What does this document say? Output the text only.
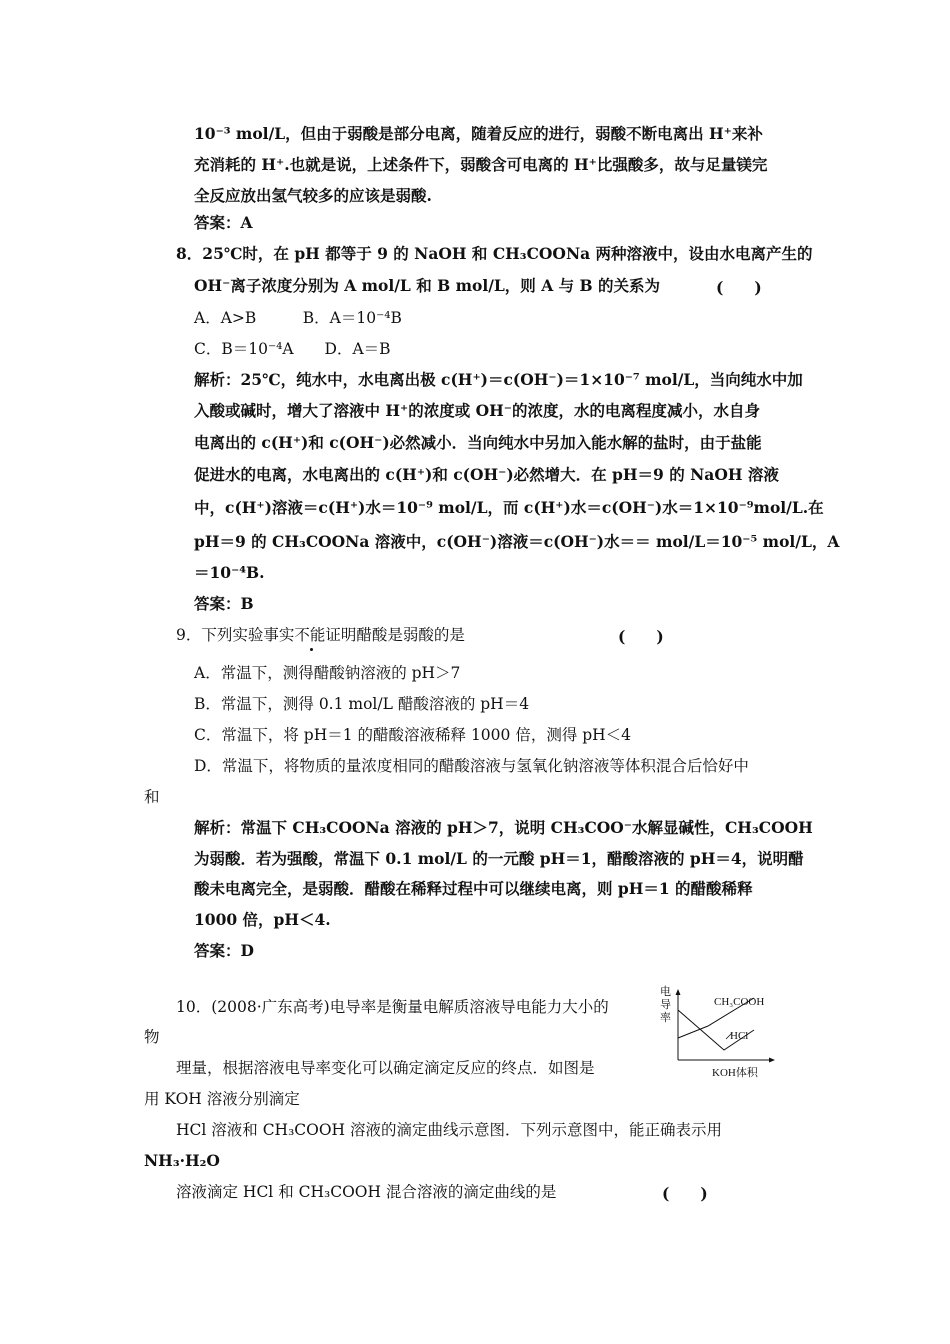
10⁻³ mol/L，但由于弱酸是部分电离，随着反应的进行，弱酸不断电离出 H⁺来补
充消耗的 H⁺.也就是说，上述条件下，弱酸含可电离的 H⁺比强酸多，故与足量镁完
全反应放出氢气较多的应该是弱酸.
答案：A
8．25℃时，在 pH 都等于 9 的 NaOH 和 CH₃COONa 两种溶液中，设由水电离产生的
OH⁻离子浓度分别为 A mol/L 和 B mol/L，则 A 与 B 的关系为	(　　)
A．A>B　　　B．A＝10⁻⁴B
C．B＝10⁻⁴A　　D．A＝B
解析：25℃，纯水中，水电离出极 c(H⁺)＝c(OH⁻)＝1×10⁻⁷ mol/L，当向纯水中加
入酸或碱时，增大了溶液中 H⁺的浓度或 OH⁻的浓度，水的电离程度减小，水自身
电离出的 c(H⁺)和 c(OH⁻)必然减小．当向纯水中另加入能水解的盐时，由于盐能
促进水的电离，水电离出的 c(H⁺)和 c(OH⁻)必然增大．在 pH＝9 的 NaOH 溶液
中，c(H⁺)溶液＝c(H⁺)水＝10⁻⁹ mol/L，而 c(H⁺)水＝c(OH⁻)水＝1×10⁻⁹mol/L.在
pH＝9 的 CH₃COONa 溶液中，c(OH⁻)溶液＝c(OH⁻)水＝＝ mol/L＝10⁻⁵ mol/L，A
＝10⁻⁴B.
答案：B
9．下列实验事实不能证明醋酸是弱酸的是	(　　)
A．常温下，测得醋酸钠溶液的 pH＞7
B．常温下，测得 0.1 mol/L 醋酸溶液的 pH＝4
C．常温下，将 pH＝1 的醋酸溶液稀释 1000 倍，测得 pH＜4
D．常温下，将物质的量浓度相同的醋酸溶液与氢氧化钠溶液等体积混合后恰好中
和
解析：常温下 CH₃COONa 溶液的 pH＞7，说明 CH₃COO⁻水解显碱性，CH₃COOH
为弱酸．若为强酸，常温下 0.1 mol/L 的一元酸 pH＝1，醋酸溶液的 pH＝4，说明醋
酸未电离完全，是弱酸．醋酸在稀释过程中可以继续电离，则 pH＝1 的醋酸稀释
1000 倍，pH＜4.
答案：D
10．(2008·广东高考)电导率是衡量电解质溶液导电能力大小的
物
理量，根据溶液电导率变化可以确定滴定反应的终点．如图是
用 KOH 溶液分别滴定
HCl 溶液和 CH₃COOH 溶液的滴定曲线示意图．下列示意图中，能正确表示用
NH₃·H₂O
溶液滴定 HCl 和 CH₃COOH 混合溶液的滴定曲线的是	(　　)
电
导
率
CH₃COOH
HCl
KOH体积
